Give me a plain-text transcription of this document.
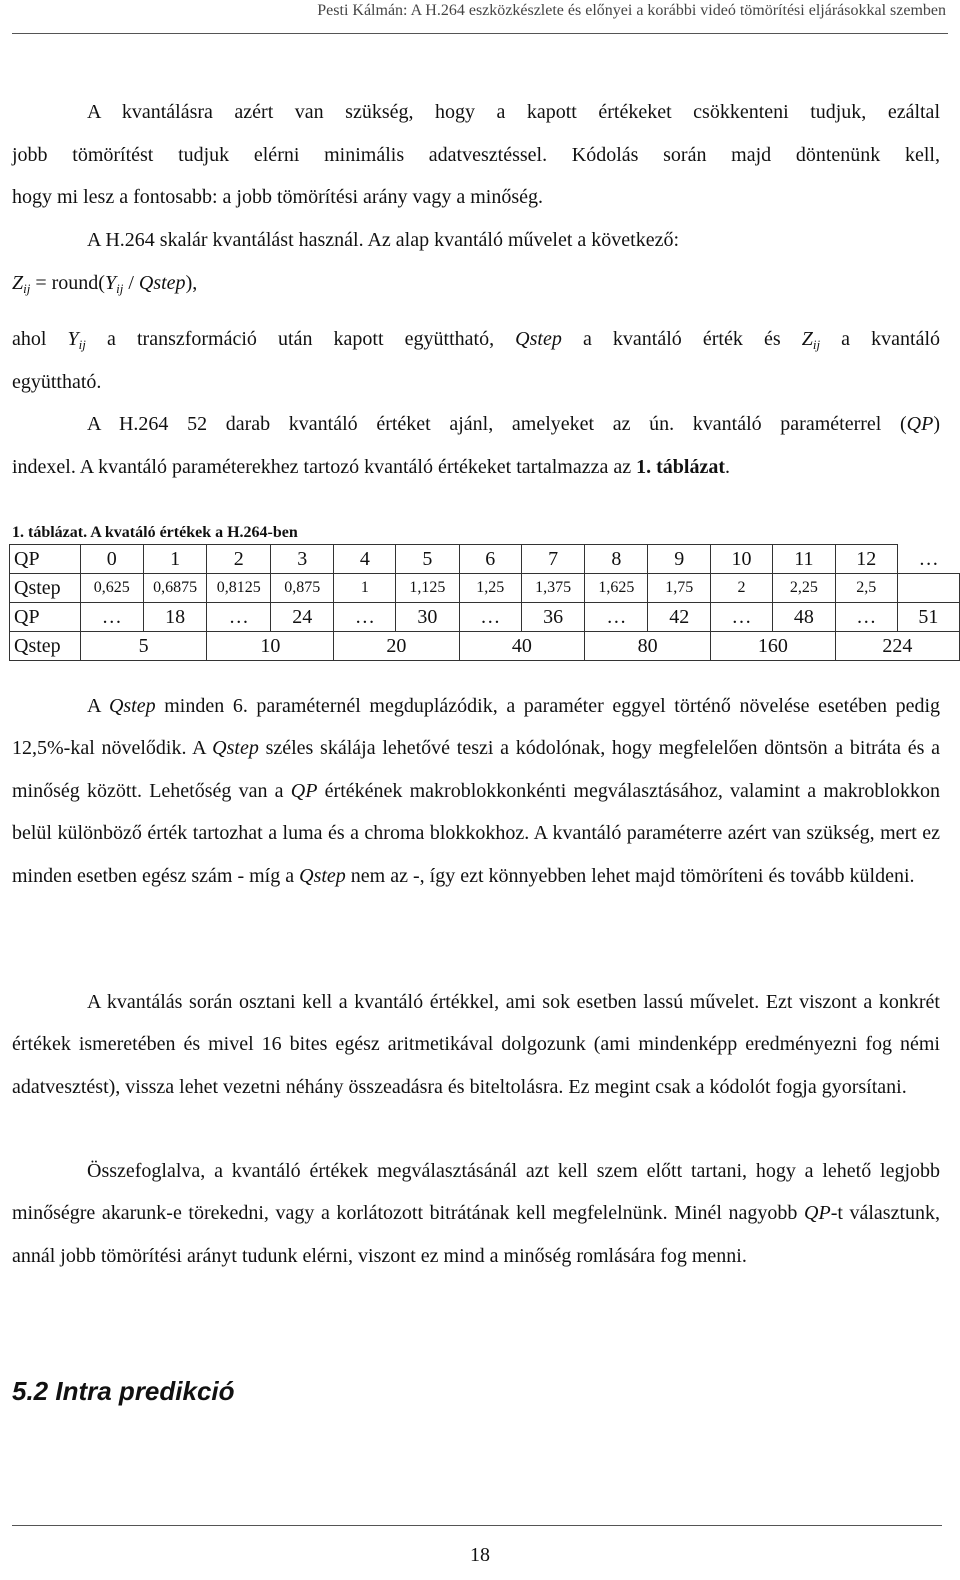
Pesti Kálmán: A H.264 eszközkészlete és előnyei a korábbi videó tömörítési eljárásokkal szemben
A kvantálásra azért van szükség, hogy a kapott értékeket csökkenteni tudjuk, ezáltal
jobb tömörítést tudjuk elérni minimális adatvesztéssel. Kódolás során majd döntenünk kell,
hogy mi lesz a fontosabb: a jobb tömörítési arány vagy a minőség.
A H.264 skalár kvantálást használ. Az alap kvantáló művelet a következő:
$Z_{ij}$ = $round(Y_{ij}$ / Qstep),
ahol $Y_{ij}$ a transzformáció után kapott együttható, Qstep a kvantáló érték és $Z_{ij}$ a kvantáló
együttható.
A H.264 52 darab kvantáló értéket ajánl, amelyeket az ún. kvantáló paraméterrel (QP)
indexel. A kvantáló paraméterekhez tartozó kvantáló értékeket tartalmazza az 1. táblázat.
1. táblázat. A kvatáló értékek a H.264-ben
QP	0	1	2	3	4	5	6	7	8	9	10	11	12	…
Qstep	0,625	0,6875	0,8125	0,875	1	1,125	1,25	1,375	1,625	1,75	2	2,25	2,5	
QP	…	18	…	24	…	30	…	36	…	42	…	48	…	51
Qstep	5		10		20		40		80		160		224	

A Qstep minden 6. paraméternél megduplázódik, a paraméter eggyel történő növelése esetében pedig 12,5%-kal növelődik. A Qstep széles skálája lehetővé teszi a kódolónak, hogy megfelelően döntsön a bitráta és a minőség között. Lehetőség van a QP értékének makroblokkonkénti megválasztásához, valamint a makroblokkon belül különböző érték tartozhat a luma és a chroma blokkokhoz. A kvantáló paraméterre azért van szükség, mert ez minden esetben egész szám - míg a Qstep nem az -, így ezt könnyebben lehet majd tömöríteni és tovább küldeni.

A kvantálás során osztani kell a kvantáló értékkel, ami sok esetben lassú művelet. Ezt viszont a konkrét értékek ismeretében és mivel 16 bites egész aritmetikával dolgozunk (ami mindenképp eredményezni fog némi adatvesztést), vissza lehet vezetni néhány összeadásra és biteltolásra. Ez megint csak a kódolót fogja gyorsítani.

Összefoglalva, a kvantáló értékek megválasztásánál azt kell szem előtt tartani, hogy a lehető legjobb minőségre akarunk-e törekedni, vagy a korlátozott bitrátának kell megfelelnünk. Minél nagyobb QP-t választunk, annál jobb tömörítési arányt tudunk elérni, viszont ez mind a minőség romlására fog menni.

5.2 Intra predikció
18
